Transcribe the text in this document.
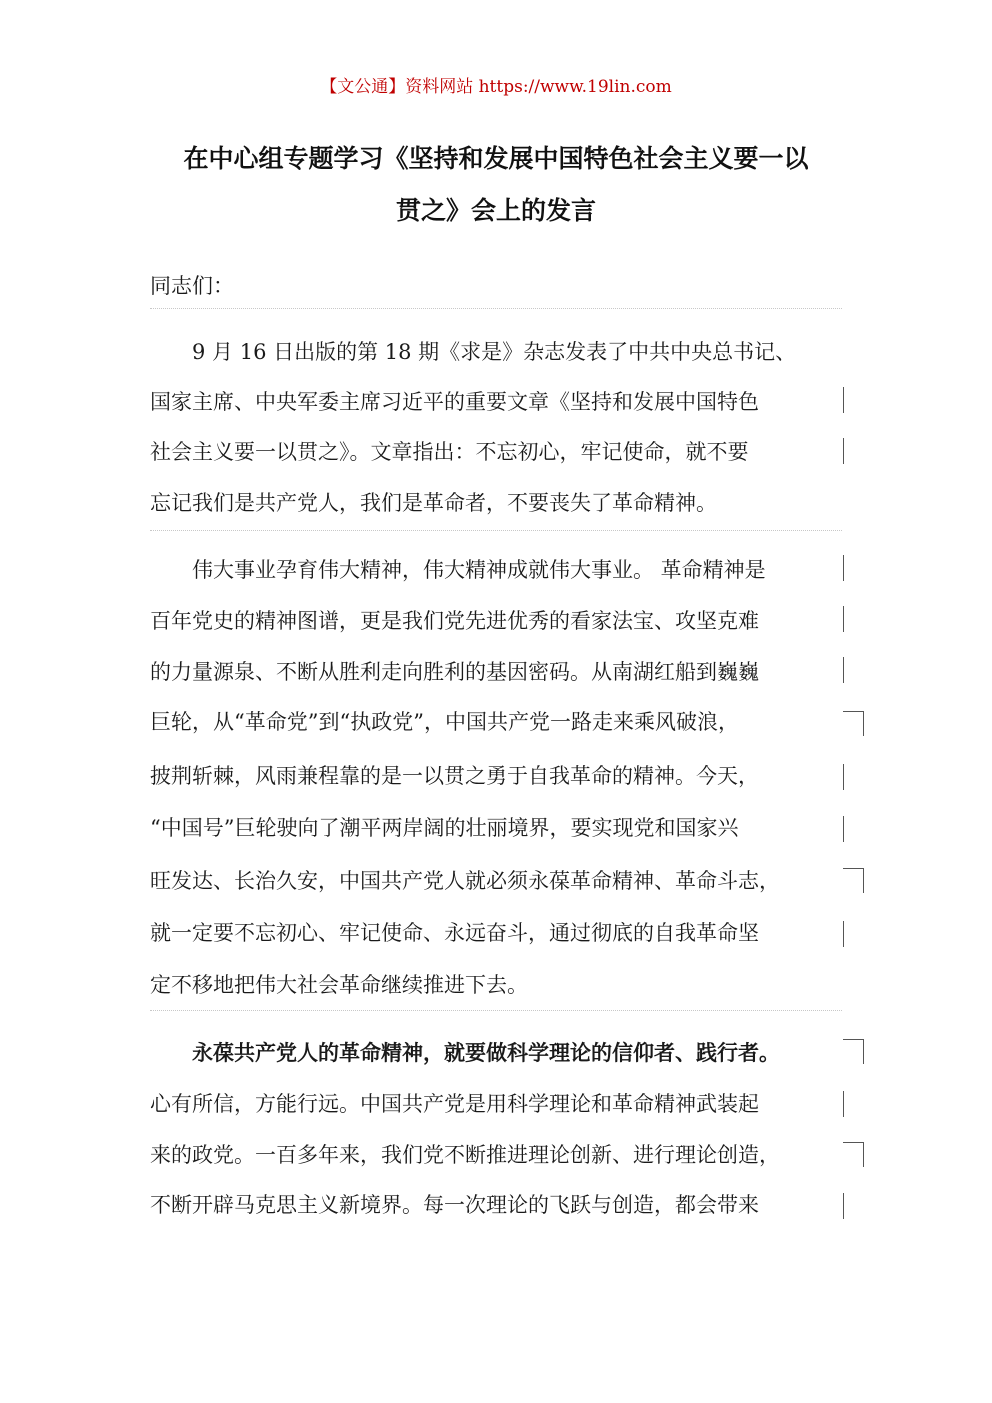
【文公通】资料网站 https://www.19lin.com
在中心组专题学习《坚持和发展中国特色社会主义要一以
贯之》会上的发言
同志们：
9 月 16 日出版的第 18 期《求是》杂志发表了中共中央总书记、
国家主席、中央军委主席习近平的重要文章《坚持和发展中国特色
社会主义要一以贯之》。文章指出：不忘初心，牢记使命，就不要
忘记我们是共产党人，我们是革命者，不要丧失了革命精神。
伟大事业孕育伟大精神，伟大精神成就伟大事业。 革命精神是
百年党史的精神图谱，更是我们党先进优秀的看家法宝、攻坚克难
的力量源泉、不断从胜利走向胜利的基因密码。从南湖红船到巍巍
巨轮，从“革命党”到“执政党”，中国共产党一路走来乘风破浪，
披荆斩棘，风雨兼程靠的是一以贯之勇于自我革命的精神。今天，
“中国号”巨轮驶向了潮平两岸阔的壮丽境界，要实现党和国家兴
旺发达、长治久安，中国共产党人就必须永葆革命精神、革命斗志，
就一定要不忘初心、牢记使命、永远奋斗，通过彻底的自我革命坚
定不移地把伟大社会革命继续推进下去。
永葆共产党人的革命精神，就要做科学理论的信仰者、践行者。
心有所信，方能行远。中国共产党是用科学理论和革命精神武装起
来的政党。一百多年来，我们党不断推进理论创新、进行理论创造，
不断开辟马克思主义新境界。每一次理论的飞跃与创造，都会带来
